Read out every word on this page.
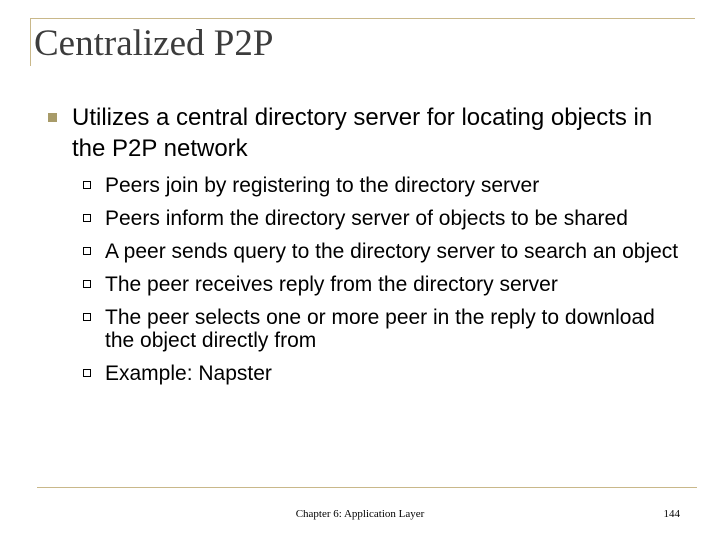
Centralized P2P
Utilizes a central directory server for locating objects in the P2P network
Peers join by registering to the directory server
Peers inform the directory server of objects to be shared
A peer sends query to the directory server to search an object
The peer receives reply from the directory server
The peer selects one or more peer in the reply to download the object directly from
Example: Napster
Chapter 6: Application Layer	144
